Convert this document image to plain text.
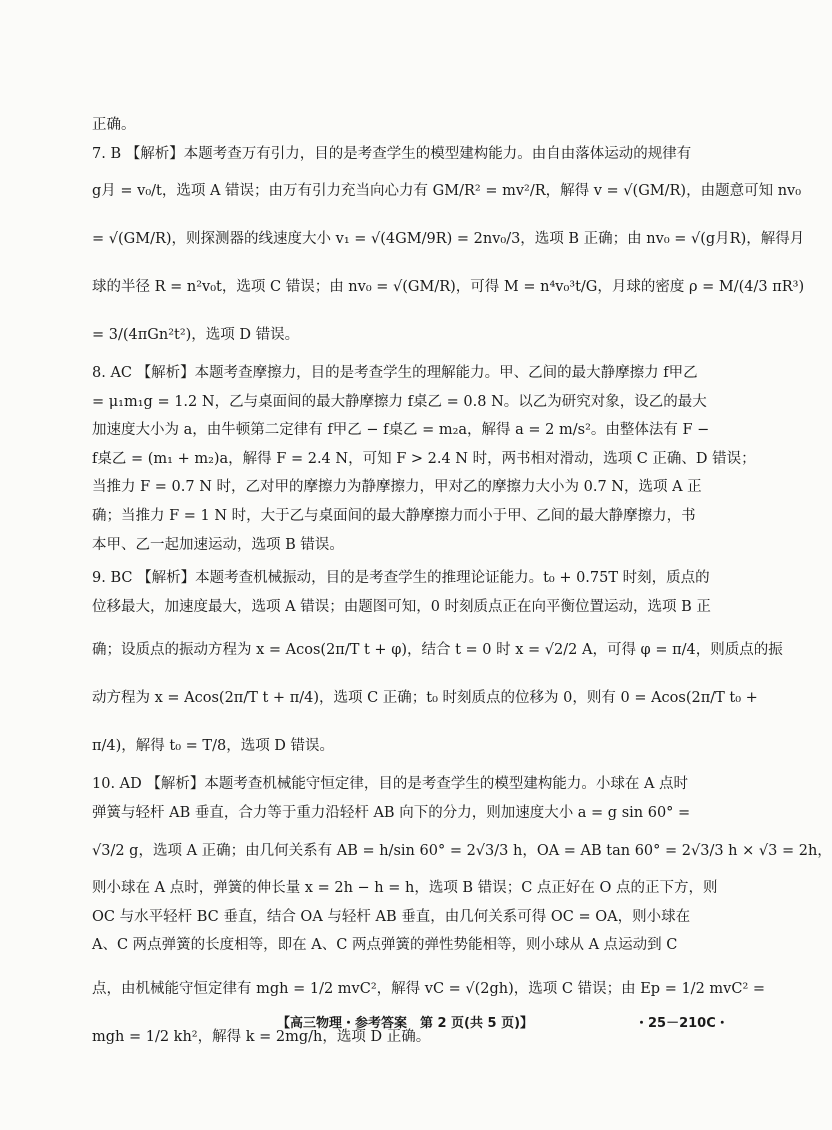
正确。

7. B 【解析】本题考查万有引力，目的是考查学生的模型建构能力。由自由落体运动的规律有

g月 = v₀/t，选项 A 错误；由万有引力充当向心力有 GM/R² = mv²/R，解得 v = √(GM/R)，由题意可知 nv₀

= √(GM/R)，则探测器的线速度大小 v₁ = √(4GM/9R) = 2nv₀/3，选项 B 正确；由 nv₀ = √(g月R)，解得月

球的半径 R = n²v₀t，选项 C 错误；由 nv₀ = √(GM/R)，可得 M = n⁴v₀³t/G，月球的密度 ρ = M/(4/3 πR³)

= 3/(4πGn²t²)，选项 D 错误。

8. AC 【解析】本题考查摩擦力，目的是考查学生的理解能力。甲、乙间的最大静摩擦力 f甲乙

= μ₁m₁g = 1.2 N，乙与桌面间的最大静摩擦力 f桌乙 = 0.8 N。以乙为研究对象，设乙的最大

加速度大小为 a，由牛顿第二定律有 f甲乙 − f桌乙 = m₂a，解得 a = 2 m/s²。由整体法有 F −

f桌乙 = (m₁ + m₂)a，解得 F = 2.4 N，可知 F > 2.4 N 时，两书相对滑动，选项 C 正确、D 错误；

当推力 F = 0.7 N 时，乙对甲的摩擦力为静摩擦力，甲对乙的摩擦力大小为 0.7 N，选项 A 正

确；当推力 F = 1 N 时，大于乙与桌面间的最大静摩擦力而小于甲、乙间的最大静摩擦力，书

本甲、乙一起加速运动，选项 B 错误。

9. BC 【解析】本题考查机械振动，目的是考查学生的推理论证能力。t₀ + 0.75T 时刻，质点的

位移最大，加速度最大，选项 A 错误；由题图可知，0 时刻质点正在向平衡位置运动，选项 B 正

确；设质点的振动方程为 x = Acos(2π/T t + φ)，结合 t = 0 时 x = √2/2 A，可得 φ = π/4，则质点的振

动方程为 x = Acos(2π/T t + π/4)，选项 C 正确；t₀ 时刻质点的位移为 0，则有 0 = Acos(2π/T t₀ +

π/4)，解得 t₀ = T/8，选项 D 错误。

10. AD 【解析】本题考查机械能守恒定律，目的是考查学生的模型建构能力。小球在 A 点时

弹簧与轻杆 AB 垂直，合力等于重力沿轻杆 AB 向下的分力，则加速度大小 a = g sin 60° =

√3/2 g，选项 A 正确；由几何关系有 AB = h/sin 60° = 2√3/3 h，OA = AB tan 60° = 2√3/3 h × √3 = 2h，

则小球在 A 点时，弹簧的伸长量 x = 2h − h = h，选项 B 错误；C 点正好在 O 点的正下方，则

OC 与水平轻杆 BC 垂直，结合 OA 与轻杆 AB 垂直，由几何关系可得 OC = OA，则小球在

A、C 两点弹簧的长度相等，即在 A、C 两点弹簧的弹性势能相等，则小球从 A 点运动到 C

点，由机械能守恒定律有 mgh = 1/2 mvC²，解得 vC = √(2gh)，选项 C 错误；由 Ep = 1/2 mvC² =

mgh = 1/2 kh²，解得 k = 2mg/h，选项 D 正确。

【高三物理・参考答案　第 2 页(共 5 页)】	・25－210C・
